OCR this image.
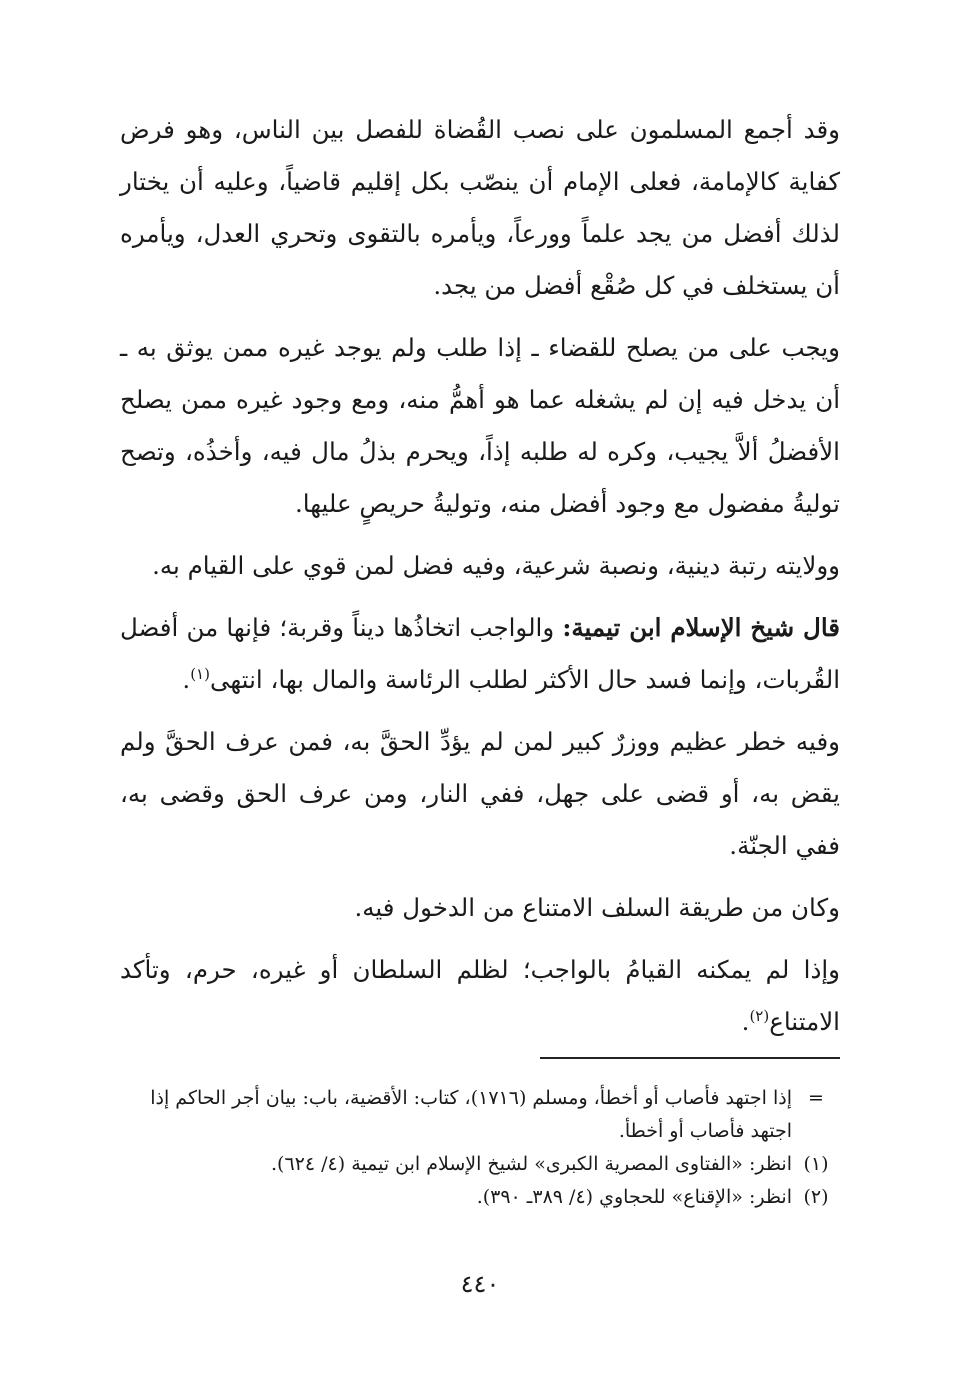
وقد أجمع المسلمون على نصب القُضاة للفصل بين الناس، وهو فرض كفاية كالإمامة، فعلى الإمام أن ينصّب بكل إقليم قاضياً، وعليه أن يختار لذلك أفضل من يجد علماً وورعاً، ويأمره بالتقوى وتحري العدل، ويأمره أن يستخلف في كل صُقْع أفضل من يجد.

ويجب على من يصلح للقضاء ـ إذا طلب ولم يوجد غيره ممن يوثق به ـ أن يدخل فيه إن لم يشغله عما هو أهمُّ منه، ومع وجود غيره ممن يصلح الأفضلُ ألاَّ يجيب، وكره له طلبه إذاً، ويحرم بذلُ مال فيه، وأخذُه، وتصح توليةُ مفضول مع وجود أفضل منه، وتوليةُ حريصٍ عليها.

وولايته رتبة دينية، ونصبة شرعية، وفيه فضل لمن قوي على القيام به.

قال شيخ الإسلام ابن تيمية: والواجب اتخاذُها ديناً وقربة؛ فإنها من أفضل القُربات، وإنما فسد حال الأكثر لطلب الرئاسة والمال بها، انتهى$^{(١)}$.

وفيه خطر عظيم ووزرٌ كبير لمن لم يؤدِّ الحقَّ به، فمن عرف الحقَّ ولم يقض به، أو قضى على جهل، ففي النار، ومن عرف الحق وقضى به، ففي الجنّة.

وكان من طريقة السلف الامتناع من الدخول فيه.

وإذا لم يمكنه القيامُ بالواجب؛ لظلم السلطان أو غيره، حرم، وتأكد الامتناع$^{(٢)}$.

=
إذا اجتهد فأصاب أو أخطأ، ومسلم (١٧١٦)، كتاب: الأقضية، باب: بيان أجر الحاكم إذا اجتهد فأصاب أو أخطأ.
(١)
انظر: «الفتاوى المصرية الكبرى» لشيخ الإسلام ابن تيمية (٤/ ٦٢٤).
(٢)
انظر: «الإقناع» للحجاوي (٤/ ٣٨٩ـ ٣٩٠).
٤٤٠
